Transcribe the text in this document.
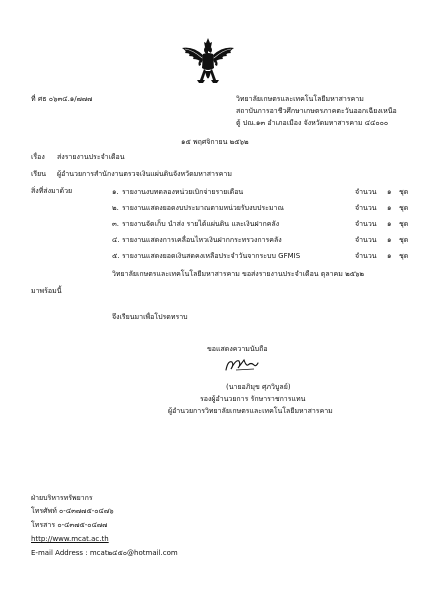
ที่ ศธ ๐๖๓๔.๑/๗๗๗	วิทยาลัยเกษตรและเทคโนโลยีมหาสารคาม
สถาบันการอาชีวศึกษาเกษตรภาคตะวันออกเฉียงเหนือ
ตู้ ปณ.๑๓ อำเภอเมือง จังหวัดมหาสารคาม ๔๔๐๐๐
๑๕ พฤศจิกายน ๒๕๖๒
เรื่อง ส่งรายงานประจำเดือน
เรียน ผู้อำนวยการสำนักงานตรวจเงินแผ่นดินจังหวัดมหาสารคาม
สิ่งที่ส่งมาด้วย	๑. รายงานงบทดลองหน่วยเบิกจ่ายรายเดือน	จำนวน ๑ ชุด
๒. รายงานแสดงยอดงบประมาณตามหน่วยรับงบประมาณ	จำนวน ๑ ชุด
๓. รายงานจัดเก็บ นำส่ง รายได้แผ่นดิน และเงินฝากคลัง	จำนวน ๑ ชุด
๔. รายงานแสดงการเคลื่อนไหวเงินฝากกระทรวงการคลัง	จำนวน ๑ ชุด
๕. รายงานแสดงยอดเงินสดคงเหลือประจำวันจากระบบ GFMIS	จำนวน ๑ ชุด
วิทยาลัยเกษตรและเทคโนโลยีมหาสารคาม ขอส่งรายงานประจำเดือน ตุลาคม ๒๕๖๒
มาพร้อมนี้
จึงเรียนมาเพื่อโปรดทราบ
ขอแสดงความนับถือ
(นายอภิมุข ศุภวิบูลย์)
รองผู้อำนวยการ รักษาราชการแทน
ผู้อำนวยการวิทยาลัยเกษตรและเทคโนโลยีมหาสารคาม
ฝ่ายบริหารทรัพยากร
โทรศัพท์ ๐-๔๓๗๗๕-๐๔๗๖
โทรสาร ๐-๔๓๗๕-๐๔๗๗
http://www.mcat.ac.th
E-mail Address : mcat๒๔๕๐@hotmail.com
